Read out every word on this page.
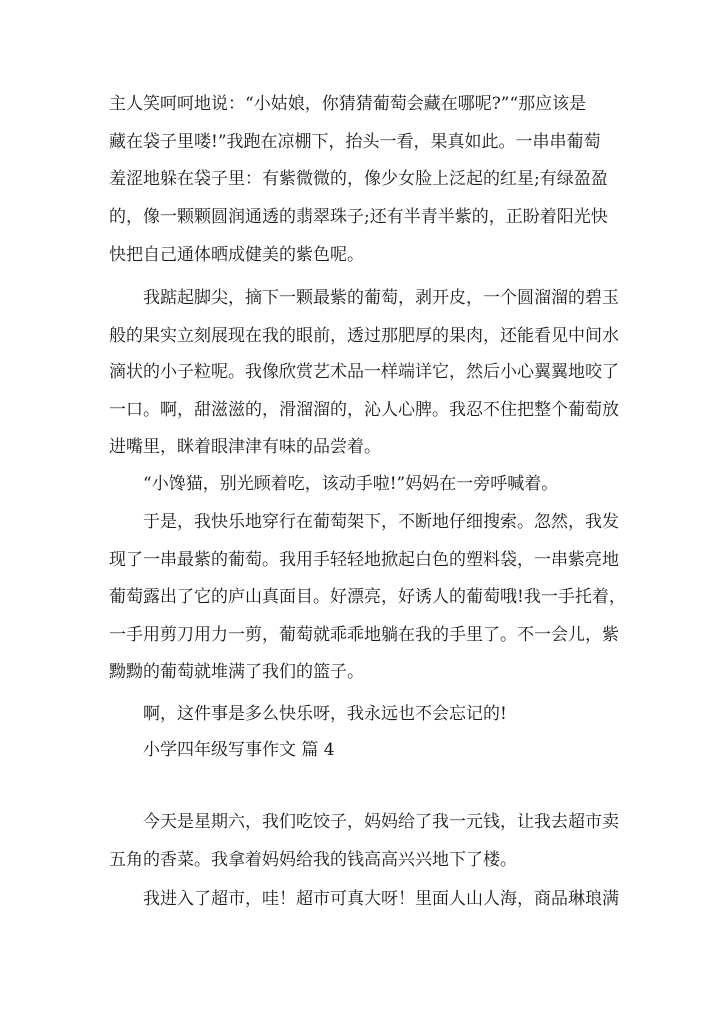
主人笑呵呵地说：“小姑娘，你猜猜葡萄会藏在哪呢?”“那应该是

藏在袋子里喽!”我跑在凉棚下，抬头一看，果真如此。一串串葡萄

羞涩地躲在袋子里：有紫微微的，像少女脸上泛起的红星;有绿盈盈

的，像一颗颗圆润通透的翡翠珠子;还有半青半紫的，正盼着阳光快

快把自己通体晒成健美的紫色呢。

我踮起脚尖，摘下一颗最紫的葡萄，剥开皮，一个圆溜溜的碧玉

般的果实立刻展现在我的眼前，透过那肥厚的果肉，还能看见中间水

滴状的小子粒呢。我像欣赏艺术品一样端详它，然后小心翼翼地咬了

一口。啊，甜滋滋的，滑溜溜的，沁人心脾。我忍不住把整个葡萄放

进嘴里，眯着眼津津有味的品尝着。

“小馋猫，别光顾着吃，该动手啦!”妈妈在一旁呼喊着。

于是，我快乐地穿行在葡萄架下，不断地仔细搜索。忽然，我发

现了一串最紫的葡萄。我用手轻轻地掀起白色的塑料袋，一串紫亮地

葡萄露出了它的庐山真面目。好漂亮，好诱人的葡萄哦!我一手托着，

一手用剪刀用力一剪，葡萄就乖乖地躺在我的手里了。不一会儿，紫

黝黝的葡萄就堆满了我们的篮子。

啊，这件事是多么快乐呀，我永远也不会忘记的!

小学四年级写事作文 篇 4

今天是星期六，我们吃饺子，妈妈给了我一元钱，让我去超市卖

五角的香菜。我拿着妈妈给我的钱高高兴兴地下了楼。

我进入了超市，哇！超市可真大呀！里面人山人海，商品琳琅满
